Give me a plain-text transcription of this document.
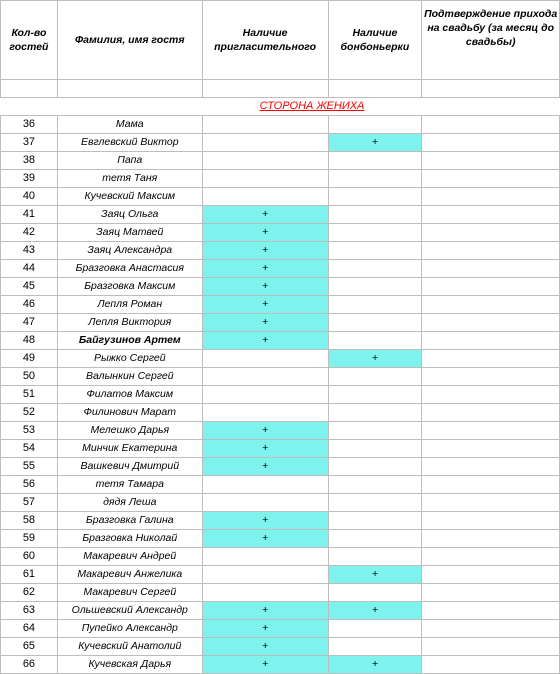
Кол-во гостей	Фамилия, имя гостя	Наличие пригласительного	Наличие бонбоньерки	Подтверждение прихода на свадьбу (за месяц до свадьбы)

		СТОРОНА ЖЕНИХА		
36	Мама			
37	Евглевский Виктор		+	
38	Папа			
39	тетя Таня			
40	Кучевский Максим			
41	Заяц Ольга	+		
42	Заяц Матвей	+		
43	Заяц Александра	+		
44	Бразговка Анастасия	+		
45	Бразговка Максим	+		
46	Лепля Роман	+		
47	Лепля Виктория	+		
48	Байгузинов Артем	+		
49	Рыжко Сергей		+	
50	Валынкин Сергей			
51	Филатов Максим			
52	Филинович Марат			
53	Мелешко Дарья	+		
54	Минчик Екатерина	+		
55	Вашкевич Дмитрий	+		
56	тетя Тамара			
57	дядя Леша			
58	Бразговка Галина	+		
59	Бразговка Николай	+		
60	Макаревич Андрей			
61	Макаревич Анжелика		+	
62	Макаревич Сергей			
63	Ольшевский Александр	+	+	
64	Пупейко Александр	+		
65	Кучевский Анатолий	+		
66	Кучевская Дарья	+	+	
